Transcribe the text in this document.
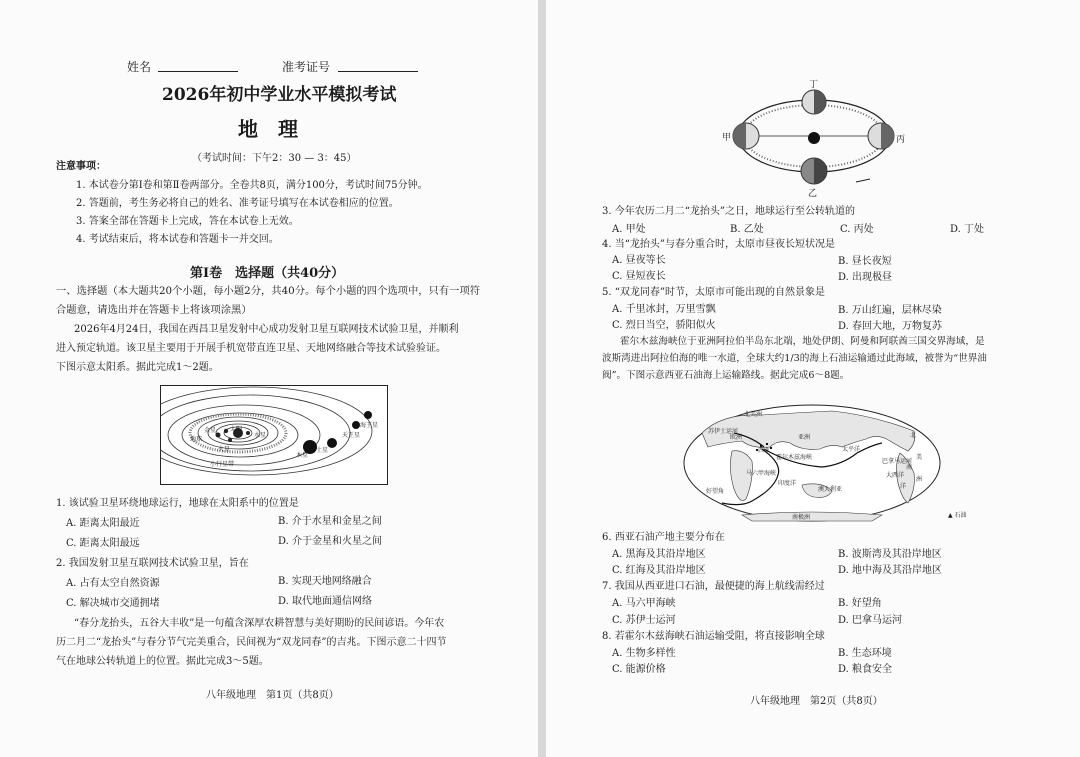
姓名	准考证号
2026年初中学业水平模拟考试
地　理
（考试时间：下午2：30 — 3：45）
注意事项：
1. 本试卷分第Ⅰ卷和第Ⅱ卷两部分。全卷共8页，满分100分，考试时间75分钟。
2. 答题前，考生务必将自己的姓名、准考证号填写在本试卷相应的位置。
3. 答案全部在答题卡上完成，答在本试卷上无效。
4. 考试结束后，将本试卷和答题卡一并交回。
第Ⅰ卷　选择题（共40分）
一、选择题（本大题共20个小题，每小题2分，共40分。每个小题的四个选项中，只有一项符
合题意，请选出并在答题卡上将该项涂黑）
2026年4月24日，我国在西昌卫星发射中心成功发射卫星互联网技术试验卫星，并顺利
进入预定轨道。该卫星主要用于开展手机宽带直连卫星、天地网络融合等技术试验验证。
下图示意太阳系。据此完成1～2题。
太阳
水星
金星
地球
火星
木星
土星
天王星
海王星
小行星带
1. 该试验卫星环绕地球运行，地球在太阳系中的位置是
A. 距离太阳最近	B. 介于水星和金星之间
C. 距离太阳最远	D. 介于金星和火星之间
2. 我国发射卫星互联网技术试验卫星，旨在
A. 占有太空自然资源	B. 实现天地网络融合
C. 解决城市交通拥堵	D. 取代地面通信网络
“春分龙抬头，五谷大丰收”是一句蕴含深厚农耕智慧与美好期盼的民间谚语。今年农
历二月二“龙抬头”与春分节气完美重合，民间视为“双龙同春”的吉兆。下图示意二十四节
气在地球公转轨道上的位置。据此完成3～5题。
八年级地理　第1页（共8页）
丁
甲	丙
乙
3. 今年农历二月二“龙抬头”之日，地球运行至公转轨道的
A. 甲处	B. 乙处	C. 丙处	D. 丁处
4. 当“龙抬头”与春分重合时，太原市昼夜长短状况是
A. 昼夜等长	B. 昼长夜短
C. 昼短夜长	D. 出现极昼
5. “双龙同春”时节，太原市可能出现的自然景象是
A. 千里冰封，万里雪飘	B. 万山红遍，层林尽染
C. 烈日当空，骄阳似火	D. 春回大地，万物复苏
霍尔木兹海峡位于亚洲阿拉伯半岛东北端，地处伊朗、阿曼和阿联酋三国交界海域，是
波斯湾进出阿拉伯海的唯一水道，全球大约1/3的海上石油运输通过此海域，被誉为“世界油
阀”。下图示意西亚石油海上运输路线。据此完成6～8题。
北美洲
欧洲	亚洲
西亚	太平洋
印度洋
大西洋
洋
北
南
美
洲
南极洲
苏伊士运河
霍尔木兹海峡
马六甲海峡
巴拿马运河
好望角	澳大利亚
▲ 石油
6. 西亚石油产地主要分布在
A. 黑海及其沿岸地区	B. 波斯湾及其沿岸地区
C. 红海及其沿岸地区	D. 地中海及其沿岸地区
7. 我国从西亚进口石油，最便捷的海上航线需经过
A. 马六甲海峡	B. 好望角
C. 苏伊士运河	D. 巴拿马运河
8. 若霍尔木兹海峡石油运输受阻，将直接影响全球
A. 生物多样性	B. 生态环境
C. 能源价格	D. 粮食安全
八年级地理　第2页（共8页）
